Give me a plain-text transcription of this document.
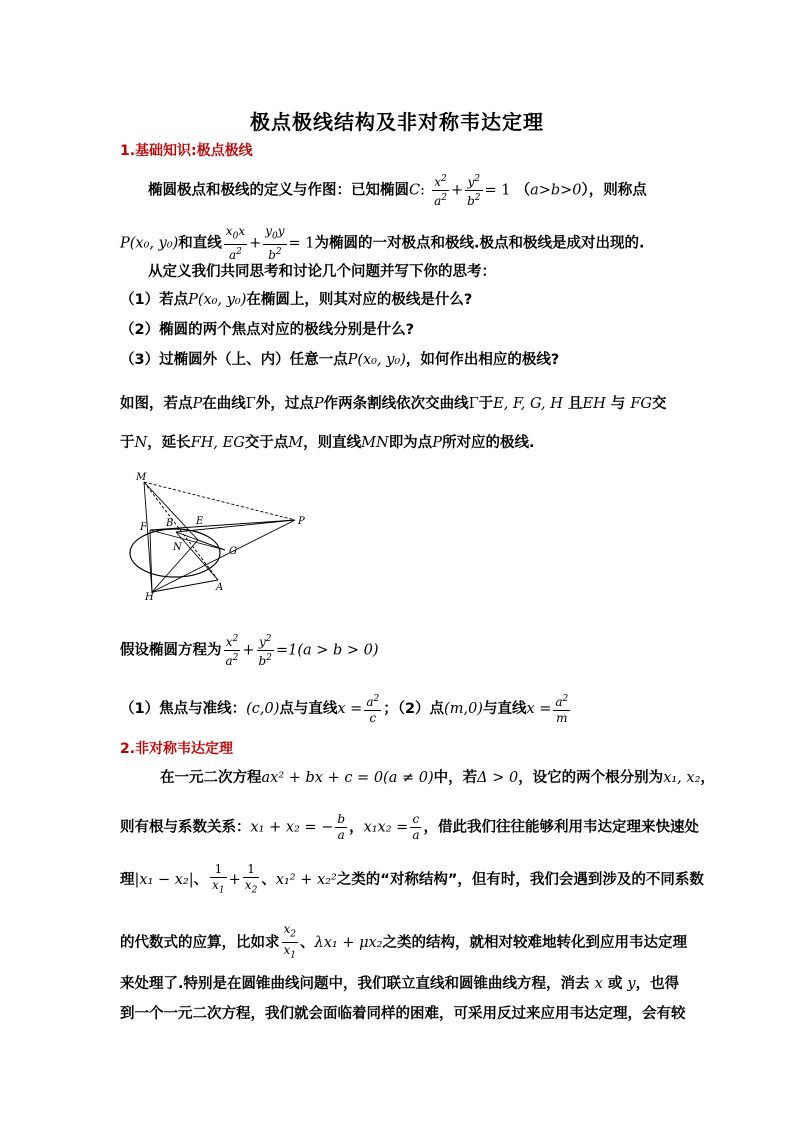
极点极线结构及非对称韦达定理
1.基础知识:极点极线
椭圆极点和极线的定义与作图：已知椭圆C: $\frac{x^2}{a^2} + \frac{y^2}{b^2} = 1$ （a>b>0），则称点
P(x₀, y₀)和直线 $\frac{x_0x}{a^2} + \frac{y_0y}{b^2} = 1$为椭圆的一对极点和极线.极点和极线是成对出现的.
从定义我们共同思考和讨论几个问题并写下你的思考：
（1）若点P(x₀, y₀)在椭圆上，则其对应的极线是什么?
（2）椭圆的两个焦点对应的极线分别是什么?
（3）过椭圆外（上、内）任意一点P(x₀, y₀)，如何作出相应的极线?
如图，若点P在曲线Γ外，过点P作两条割线依次交曲线Γ于E, F, G, H 且EH 与 FG交
于N，延长FH, EG交于点M，则直线MN即为点P所对应的极线.
M
B E	P
F
N	G
H
A
假设椭圆方程为 $\frac{x^2}{a^2} + \frac{y^2}{b^2} =1(a > b > 0)$
（1）焦点与准线：(c,0)点与直线$x = \frac{a^2}{c}$ ；（2）点(m,0)与直线$x = \frac{a^2}{m}$
2.非对称韦达定理
在一元二次方程ax² + bx + c = 0(a ≠ 0)中，若Δ > 0，设它的两个根分别为x₁, x₂，
则有根与系数关系：x₁ + x₂ = − $\frac{b}{a}$ ，$x_1x_2 = \frac{c}{a}$ ，借此我们往往能够利用韦达定理来快速处
理|x₁ − x₂|、 $\frac{1}{x_1} + \frac{1}{x_2}$ 、x₁² + x₂²之类的“对称结构”，但有时，我们会遇到涉及的不同系数
的代数式的应算，比如求 $\frac{x_2}{x_1}$ 、λx₁ + μx₂之类的结构，就相对较难地转化到应用韦达定理
来处理了.特别是在圆锥曲线问题中，我们联立直线和圆锥曲线方程，消去 x 或 y，也得
到一个一元二次方程，我们就会面临着同样的困难，可采用反过来应用韦达定理，会有较
